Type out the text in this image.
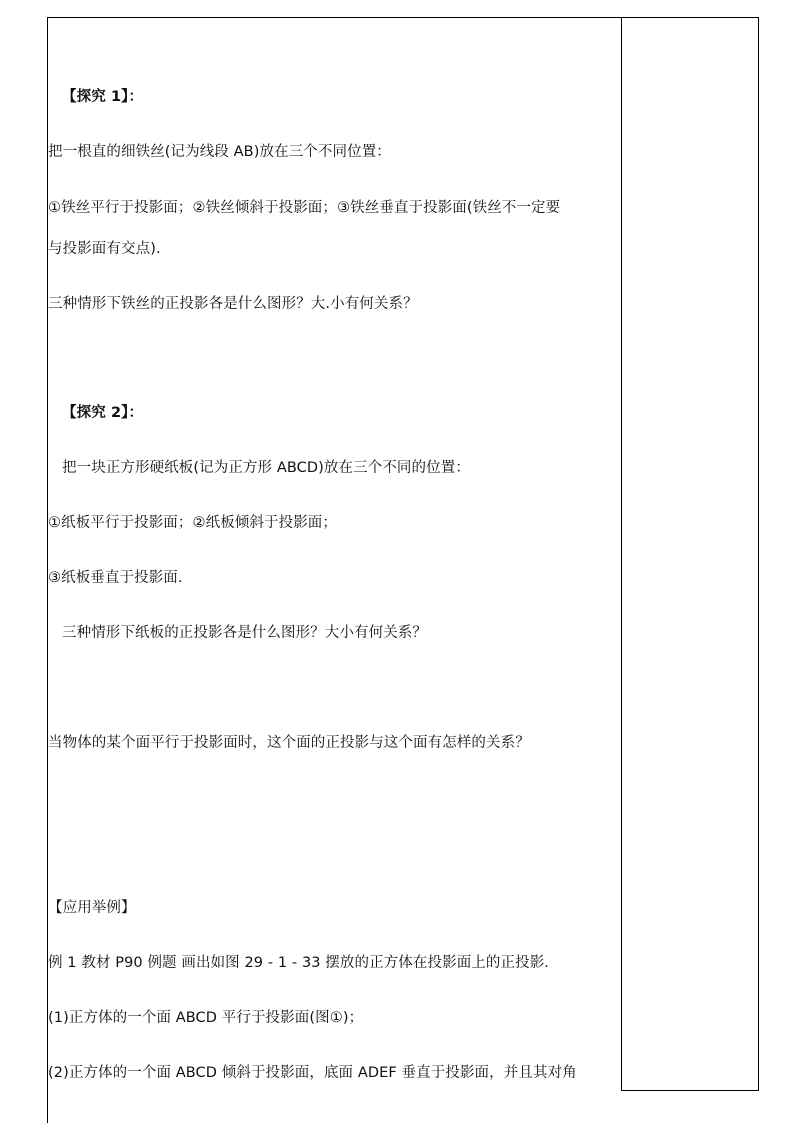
【探究 1】：
把一根直的细铁丝(记为线段 AB)放在三个不同位置：
①铁丝平行于投影面；②铁丝倾斜于投影面；③铁丝垂直于投影面(铁丝不一定要
与投影面有交点).
三种情形下铁丝的正投影各是什么图形？大.小有何关系？
【探究 2】：
把一块正方形硬纸板(记为正方形 ABCD)放在三个不同的位置：
①纸板平行于投影面；②纸板倾斜于投影面；
③纸板垂直于投影面.
三种情形下纸板的正投影各是什么图形？大小有何关系？
当物体的某个面平行于投影面时，这个面的正投影与这个面有怎样的关系？
【应用举例】
例 1 教材 P90 例题 画出如图 29 - 1 - 33 摆放的正方体在投影面上的正投影.
(1)正方体的一个面 ABCD 平行于投影面(图①)；
(2)正方体的一个面 ABCD 倾斜于投影面，底面 ADEF 垂直于投影面，并且其对角
